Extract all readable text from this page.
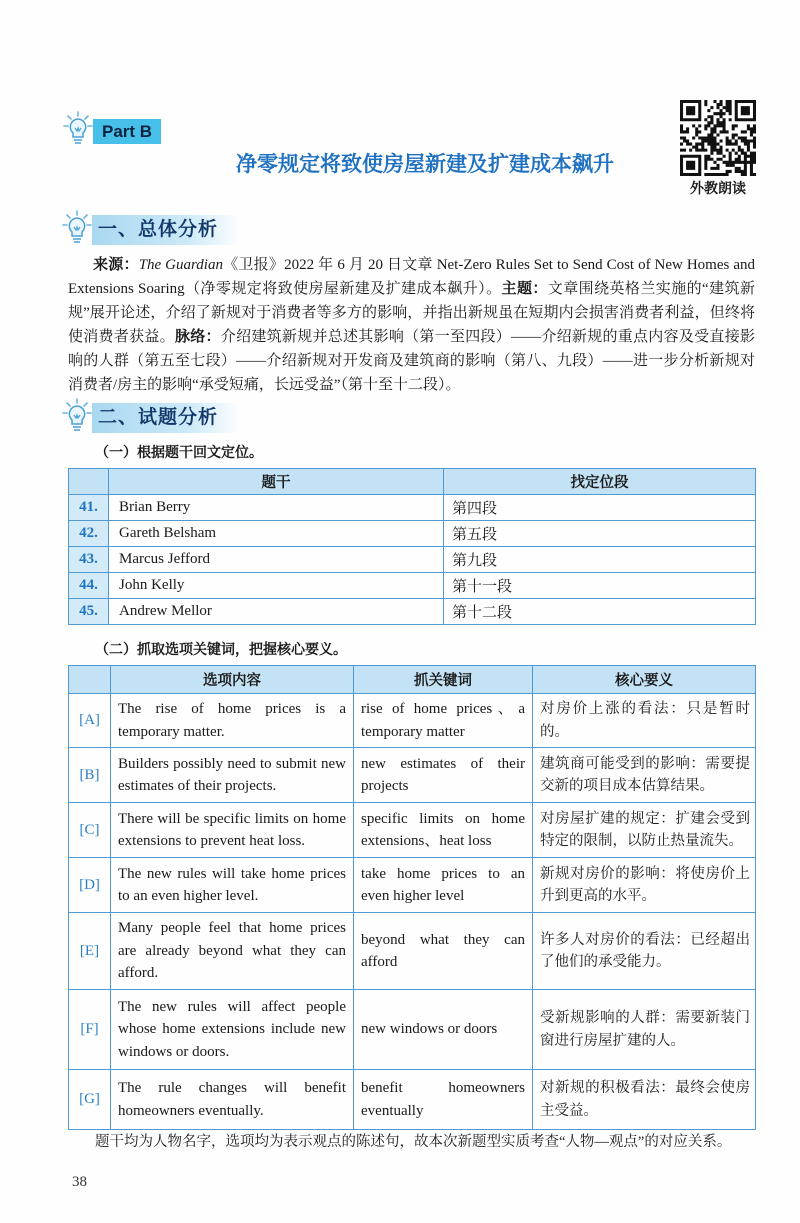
Part B
净零规定将致使房屋新建及扩建成本飙升
外教朗读
一、总体分析

来源：The Guardian《卫报》2022 年 6 月 20 日文章 Net-Zero Rules Set to Send Cost of New Homes and Extensions Soaring（净零规定将致使房屋新建及扩建成本飙升）。主题：文章围绕英格兰实施的“建筑新规”展开论述，介绍了新规对于消费者等多方的影响，并指出新规虽在短期内会损害消费者利益，但终将使消费者获益。脉络：介绍建筑新规并总述其影响（第一至四段）——介绍新规的重点内容及受直接影响的人群（第五至七段）——介绍新规对开发商及建筑商的影响（第八、九段）——进一步分析新规对消费者/房主的影响“承受短痛，长远受益”（第十至十二段）。

二、试题分析
（一）根据题干回文定位。
	题干	找定位段
41.	Brian Berry	第四段
42.	Gareth Belsham	第五段
43.	Marcus Jefford	第九段
44.	John Kelly	第十一段
45.	Andrew Mellor	第十二段
（二）抓取选项关键词，把握核心要义。
	选项内容	抓关键词	核心要义
[A]	The rise of home prices is a temporary matter.	rise of home prices、a temporary matter	对房价上涨的看法：只是暂时的。
[B]	Builders possibly need to submit new estimates of their projects.	new estimates of their projects	建筑商可能受到的影响：需要提交新的项目成本估算结果。
[C]	There will be specific limits on home extensions to prevent heat loss.	specific limits on home extensions、heat loss	对房屋扩建的规定：扩建会受到特定的限制，以防止热量流失。
[D]	The new rules will take home prices to an even higher level.	take home prices to an even higher level	新规对房价的影响：将使房价上升到更高的水平。
[E]	Many people feel that home prices are already beyond what they can afford.	beyond what they can afford	许多人对房价的看法：已经超出了他们的承受能力。
[F]	The new rules will affect people whose home extensions include new windows or doors.	new windows or doors	受新规影响的人群：需要新装门窗进行房屋扩建的人。
[G]	The rule changes will benefit homeowners eventually.	benefit homeowners eventually	对新规的积极看法：最终会使房主受益。
题干均为人物名字，选项均为表示观点的陈述句，故本次新题型实质考查“人物—观点”的对应关系。
38
